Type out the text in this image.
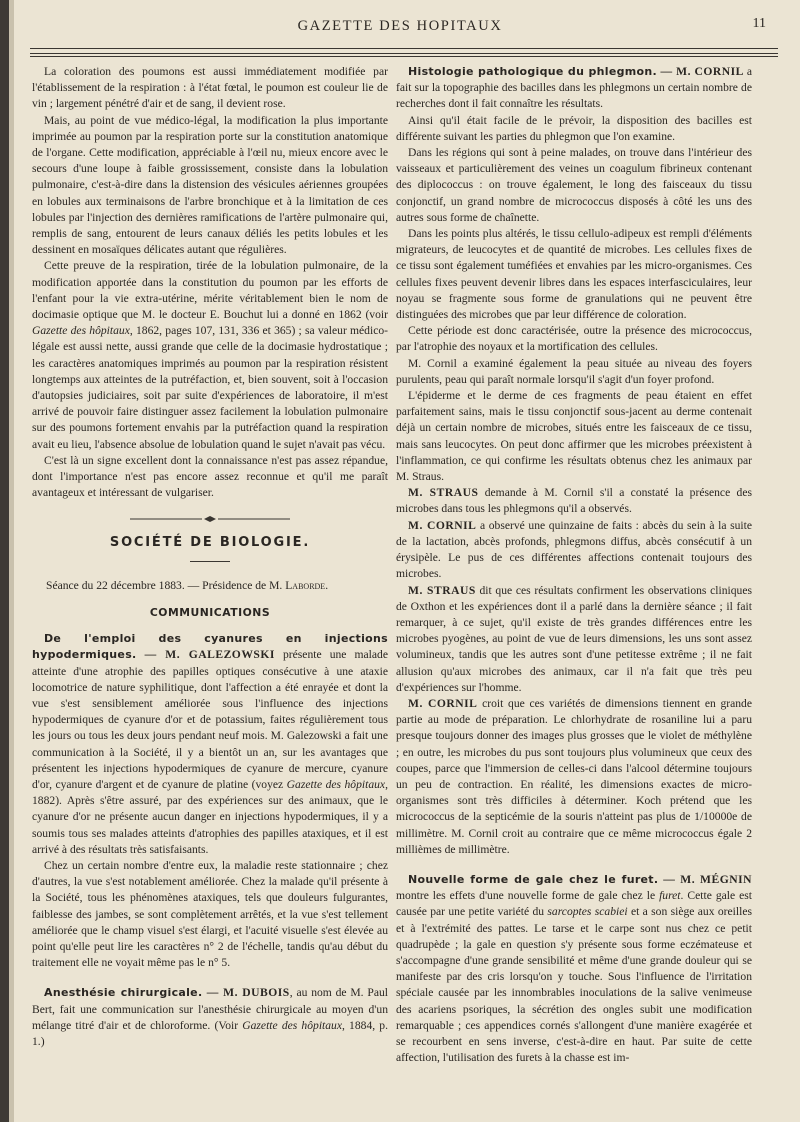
GAZETTE DES HOPITAUX	11

La coloration des poumons est aussi immédiatement modifiée par l'établissement de la respiration : à l'état fœtal, le poumon est couleur lie de vin ; largement pénétré d'air et de sang, il devient rose.

Mais, au point de vue médico-légal, la modification la plus importante imprimée au poumon par la respiration porte sur la constitution anatomique de l'organe. Cette modification, appréciable à l'œil nu, mieux encore avec le secours d'une loupe à faible grossissement, consiste dans la lobulation pulmonaire, c'est-à-dire dans la distension des vésicules aériennes groupées en lobules aux terminaisons de l'arbre bronchique et à la limitation de ces lobules par l'injection des dernières ramifications de l'artère pulmonaire qui, remplis de sang, entourent de leurs canaux déliés les petits lobules et les dessinent en mosaïques délicates autant que régulières.

Cette preuve de la respiration, tirée de la lobulation pulmonaire, de la modification apportée dans la constitution du poumon par les efforts de l'enfant pour la vie extra-utérine, mérite véritablement bien le nom de docimasie optique que M. le docteur E. Bouchut lui a donné en 1862 (voir Gazette des hôpitaux, 1862, pages 107, 131, 336 et 365) ; sa valeur médico-légale est aussi nette, aussi grande que celle de la docimasie hydrostatique ; les caractères anatomiques imprimés au poumon par la respiration résistent longtemps aux atteintes de la putréfaction, et, bien souvent, soit à l'occasion d'autopsies judiciaires, soit par suite d'expériences de laboratoire, il m'est arrivé de pouvoir faire distinguer assez facilement la lobulation pulmonaire sur des poumons fortement envahis par la putréfaction quand la respiration avait eu lieu, l'absence absolue de lobulation quand le sujet n'avait pas vécu.

C'est là un signe excellent dont la connaissance n'est pas assez répandue, dont l'importance n'est pas encore assez reconnue et qu'il me paraît avantageux et intéressant de vulgariser.

SOCIÉTÉ DE BIOLOGIE.

Séance du 22 décembre 1883. — Présidence de M. Laborde.

COMMUNICATIONS

De l'emploi des cyanures en injections hypodermiques. — M. GALEZOWSKI présente une malade atteinte d'une atrophie des papilles optiques consécutive à une ataxie locomotrice de nature syphilitique, dont l'affection a été enrayée et dont la vue s'est sensiblement améliorée sous l'influence des injections hypodermiques de cyanure d'or et de potassium, faites régulièrement tous les jours ou tous les deux jours pendant neuf mois. M. Galezowski a fait une communication à la Société, il y a bientôt un an, sur les avantages que présentent les injections hypodermiques de cyanure de mercure, cyanure d'or, cyanure d'argent et de cyanure de platine (voyez Gazette des hôpitaux, 1882). Après s'être assuré, par des expériences sur des animaux, que le cyanure d'or ne présente aucun danger en injections hypodermiques, il y a soumis tous ses malades atteints d'atrophies des papilles ataxiques, et il est arrivé à des résultats très satisfaisants.

Chez un certain nombre d'entre eux, la maladie reste stationnaire ; chez d'autres, la vue s'est notablement améliorée. Chez la malade qu'il présente à la Société, tous les phénomènes ataxiques, tels que douleurs fulgurantes, faiblesse des jambes, se sont complètement arrêtés, et la vue s'est tellement améliorée que le champ visuel s'est élargi, et l'acuité visuelle s'est élevée au point qu'elle peut lire les caractères n° 2 de l'échelle, tandis qu'au début du traitement elle ne voyait même pas le n° 5.

Anesthésie chirurgicale. — M. DUBOIS, au nom de M. Paul Bert, fait une communication sur l'anesthésie chirurgicale au moyen d'un mélange titré d'air et de chloroforme. (Voir Gazette des hôpitaux, 1884, p. 1.)

Histologie pathologique du phlegmon. — M. CORNIL a fait sur la topographie des bacilles dans les phlegmons un certain nombre de recherches dont il fait connaître les résultats.

Ainsi qu'il était facile de le prévoir, la disposition des bacilles est différente suivant les parties du phlegmon que l'on examine.

Dans les régions qui sont à peine malades, on trouve dans l'intérieur des vaisseaux et particulièrement des veines un coagulum fibrineux contenant des diplococcus : on trouve également, le long des faisceaux du tissu conjonctif, un grand nombre de micrococcus disposés à côté les uns des autres sous forme de chaînette.

Dans les points plus altérés, le tissu cellulo-adipeux est rempli d'éléments migrateurs, de leucocytes et de quantité de microbes. Les cellules fixes de ce tissu sont également tuméfiées et envahies par les micro-organismes. Ces cellules fixes peuvent devenir libres dans les espaces interfasciculaires, leur noyau se fragmente sous forme de granulations qui ne peuvent être distinguées des microbes que par leur différence de coloration.

Cette période est donc caractérisée, outre la présence des micrococcus, par l'atrophie des noyaux et la mortification des cellules.

M. Cornil a examiné également la peau située au niveau des foyers purulents, peau qui paraît normale lorsqu'il s'agit d'un foyer profond.

L'épiderme et le derme de ces fragments de peau étaient en effet parfaitement sains, mais le tissu conjonctif sous-jacent au derme contenait déjà un certain nombre de microbes, situés entre les faisceaux de ce tissu, mais sans leucocytes. On peut donc affirmer que les microbes préexistent à l'inflammation, ce qui confirme les résultats obtenus chez les animaux par M. Straus.

M. STRAUS demande à M. Cornil s'il a constaté la présence des microbes dans tous les phlegmons qu'il a observés.

M. CORNIL a observé une quinzaine de faits : abcès du sein à la suite de la lactation, abcès profonds, phlegmons diffus, abcès consécutif à un érysipèle. Le pus de ces différentes affections contenait toujours des microbes.

M. STRAUS dit que ces résultats confirment les observations cliniques de Oxthon et les expériences dont il a parlé dans la dernière séance ; il fait remarquer, à ce sujet, qu'il existe de très grandes différences entre les microbes pyogènes, au point de vue de leurs dimensions, les uns sont assez volumineux, tandis que les autres sont d'une petitesse extrême ; il ne fait allusion qu'aux microbes des animaux, car il n'a fait que très peu d'expériences sur l'homme.

M. CORNIL croit que ces variétés de dimensions tiennent en grande partie au mode de préparation. Le chlorhydrate de rosaniline lui a paru presque toujours donner des images plus grosses que le violet de méthylène ; en outre, les microbes du pus sont toujours plus volumineux que ceux des coupes, parce que l'immersion de celles-ci dans l'alcool détermine toujours un peu de contraction. En réalité, les dimensions exactes de micro-organismes sont très difficiles à déterminer. Koch prétend que les micrococcus de la septicémie de la souris n'atteint pas plus de 1/10000e de millimètre. M. Cornil croit au contraire que ce même micrococcus égale 2 millièmes de millimètre.

Nouvelle forme de gale chez le furet. — M. MÉGNIN montre les effets d'une nouvelle forme de gale chez le furet. Cette gale est causée par une petite variété du sarcoptes scabiei et a son siège aux oreilles et à l'extrémité des pattes. Le tarse et le carpe sont nus chez ce petit quadrupède ; la gale en question s'y présente sous forme eczémateuse et s'accompagne d'une grande sensibilité et même d'une grande douleur qui se manifeste par des cris lorsqu'on y touche. Sous l'influence de l'irritation spéciale causée par les innombrables inoculations de la salive venimeuse des acariens psoriques, la sécrétion des ongles subit une modification remarquable ; ces appendices cornés s'allongent d'une manière exagérée et se recourbent en sens inverse, c'est-à-dire en haut. Par suite de cette affection, l'utilisation des furets à la chasse est im-
